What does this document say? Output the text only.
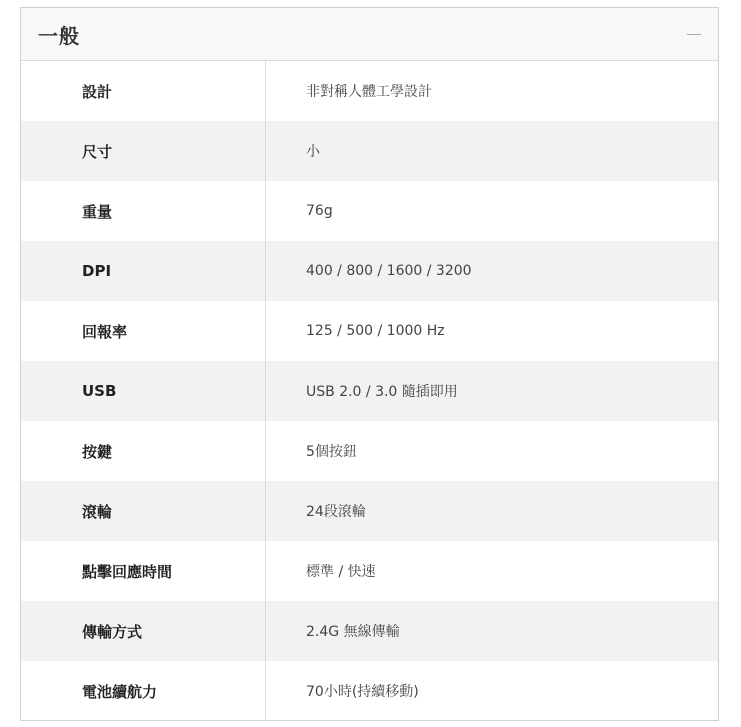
一般
設計	非對稱人體工學設計
尺寸	小
重量	76g
DPI	400 / 800 / 1600 / 3200
回報率	125 / 500 / 1000 Hz
USB	USB 2.0 / 3.0 隨插即用
按鍵	5個按鈕
滾輪	24段滾輪
點擊回應時間	標準 / 快速
傳輸方式	2.4G 無線傳輸
電池續航力	70小時(持續移動)
